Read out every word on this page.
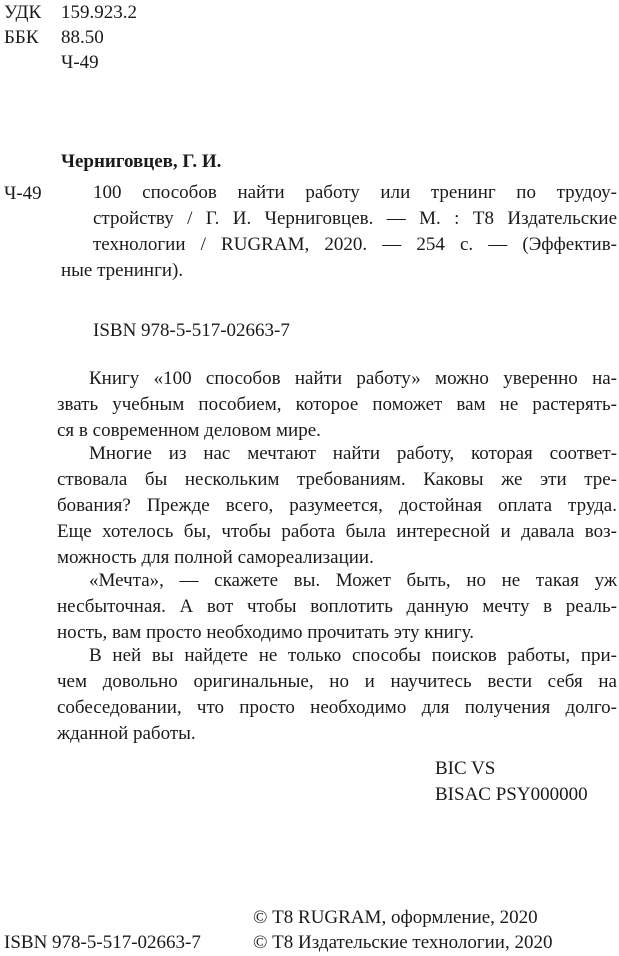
УДК 159.923.2
ББК 88.50
Ч-49
Черниговцев, Г. И.
Ч-49	100 способов найти работу или тренинг по трудоу-
стройству / Г. И. Черниговцев. — М. : Т8 Издательские
технологии / RUGRAM, 2020. — 254 с. — (Эффектив-
ные тренинги).
ISBN 978-5-517-02663-7
Книгу «100 способов найти работу» можно уверенно на-
звать учебным пособием, которое поможет вам не растерять-
ся в современном деловом мире.
Многие из нас мечтают найти работу, которая соответ-
ствовала бы нескольким требованиям. Каковы же эти тре-
бования? Прежде всего, разумеется, достойная оплата труда.
Еще хотелось бы, чтобы работа была интересной и давала воз-
можность для полной самореализации.
«Мечта», — скажете вы. Может быть, но не такая уж
несбыточная. А вот чтобы воплотить данную мечту в реаль-
ность, вам просто необходимо прочитать эту книгу.
В ней вы найдете не только способы поисков работы, при-
чем довольно оригинальные, но и научитесь вести себя на
собеседовании, что просто необходимо для получения долго-
жданной работы.
BIC VS
BISAC PSY000000
© Т8 RUGRAM, оформление, 2020
ISBN 978-5-517-02663-7	© Т8 Издательские технологии, 2020
